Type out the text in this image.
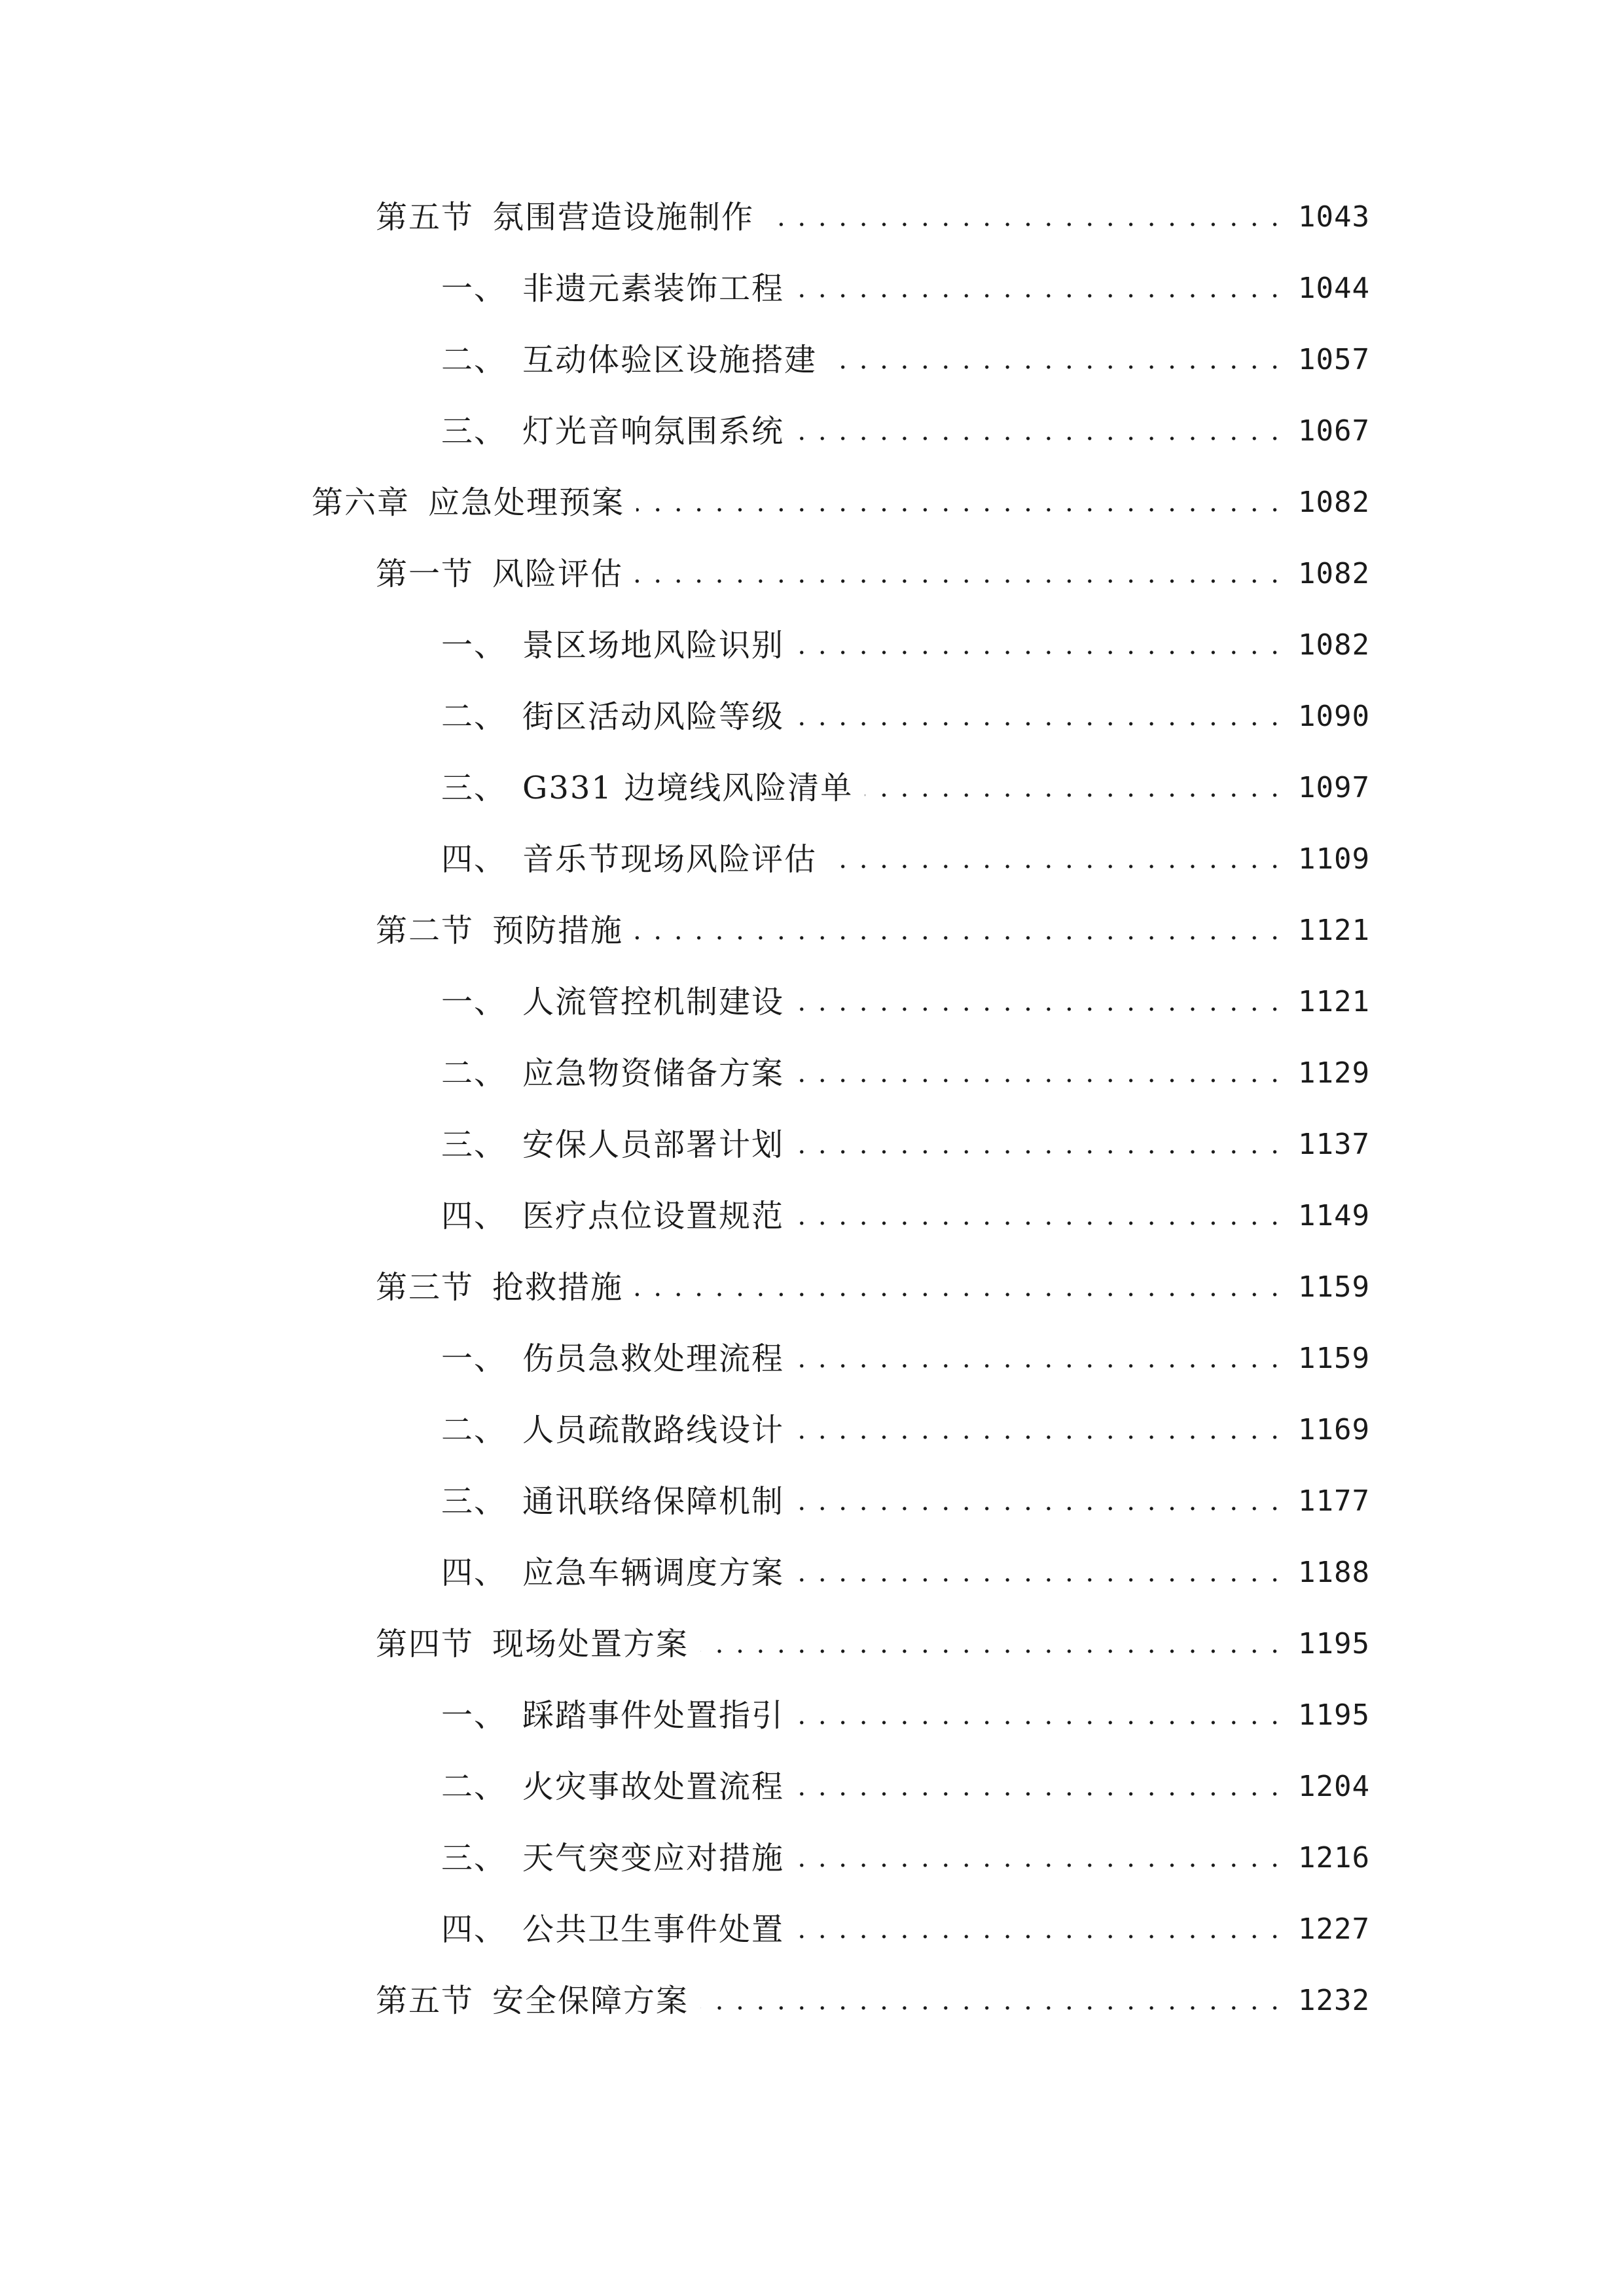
第五节 氛围营造设施制作 . . .	1043
一、 非遗元素装饰工程 . . .	1044
二、 互动体验区设施搭建 . . .	1057
三、 灯光音响氛围系统 . . .	1067
第六章 应急处理预案 . . .	1082
第一节 风险评估 . . .	1082
一、 景区场地风险识别 . . .	1082
二、 街区活动风险等级 . . .	1090
三、 G331 边境线风险清单 . . .	1097
四、 音乐节现场风险评估 . . .	1109
第二节 预防措施 . . .	1121
一、 人流管控机制建设 . . .	1121
二、 应急物资储备方案 . . .	1129
三、 安保人员部署计划 . . .	1137
四、 医疗点位设置规范 . . .	1149
第三节 抢救措施 . . .	1159
一、 伤员急救处理流程 . . .	1159
二、 人员疏散路线设计 . . .	1169
三、 通讯联络保障机制 . . .	1177
四、 应急车辆调度方案 . . .	1188
第四节 现场处置方案 . . .	1195
一、 踩踏事件处置指引 . . .	1195
二、 火灾事故处置流程 . . .	1204
三、 天气突变应对措施 . . .	1216
四、 公共卫生事件处置 . . .	1227
第五节 安全保障方案 . . .	1232
